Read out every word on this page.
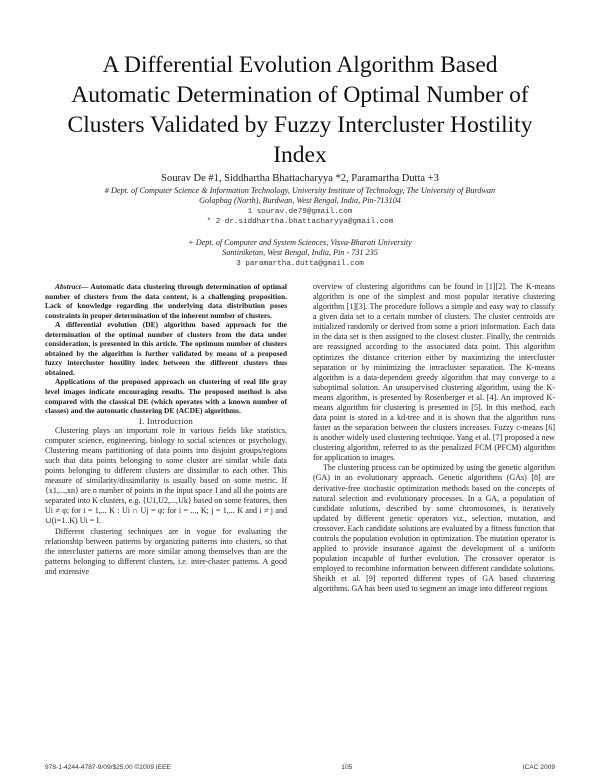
A Differential Evolution Algorithm Based
Automatic Determination of Optimal Number of
Clusters Validated by Fuzzy Intercluster Hostility
Index
Sourav De #1, Siddhartha Bhattacharyya *2, Paramartha Dutta +3
# Dept. of Computer Science & Information Technology, University Institute of Technology, The University of Burdwan
Golapbag (North), Burdwan, West Bengal, India, Pin-713104
1 sourav.de79@gmail.com
* 2 dr.siddhartha.bhattacharyya@gmail.com
+ Dept. of Computer and System Sciences, Visva-Bharati University
Santiniketan, West Bengal, India, Pin - 731 235
3 paramartha.dutta@gmail.com

Abstract— Automatic data clustering through determination of optimal number of clusters from the data content, is a challenging proposition. Lack of knowledge regarding the underlying data distribution poses constraints in proper determination of the inherent number of clusters.

A differential evolution (DE) algorithm based approach for the determination of the optimal number of clusters from the data under consideration, is presented in this article. The optimum number of clusters obtained by the algorithm is further validated by means of a proposed fuzzy intercluster hostility index between the different clusters thus obtained.

Applications of the proposed approach on clustering of real life gray level images indicate encouraging results. The proposed method is also compared with the classical DE (which operates with a known number of classes) and the automatic clustering DE (ACDE) algorithms.

I. Introduction

Clustering plays an important role in various fields like statistics, computer science, engineering, biology to social sciences or psychology. Clustering means partitioning of data points into disjoint groups/regions such that data points belonging to some cluster are similar while data points belonging to different clusters are dissimilar to each other. This measure of similarity/dissimilarity is usually based on some metric. If {x1,...,xn} are n number of points in the input space I and all the points are separated into K clusters, e.g. {U1,U2,...,Uk} based on some features, then Ui ≠ φ; for i = 1,... K : Ui ∩ Uj = φ; for i = ..., K; j = 1,... K and i ≠ j and ∪(i=1..K) Ui = I.

Different clustering techniques are in vogue for evaluating the relationship between patterns by organizing patterns into clusters, so that the intercluster patterns are more similar among themselves than are the patterns belonging to different clusters, i.e. inter-cluster patterns. A good and extensive

overview of clustering algorithms can be found in [1][2]. The K-means algorithm is one of the simplest and most popular iterative clustering algorithm [1][3]. The procedure follows a simple and easy way to classify a given data set to a certain number of clusters. The cluster centroids are initialized randomly or derived from some a priori information. Each data in the data set is then assigned to the closest cluster. Finally, the centroids are reassigned according to the associated data point. This algorithm optimizes the distance criterion either by maximizing the intercluster separation or by minimizing the intracluster separation. The K-means algorithm is a data-dependent greedy algorithm that may converge to a suboptimal solution. An unsupervised clustering algorithm, using the K-means algorithm, is presented by Rosenberger et al. [4]. An improved K-means algorithm for clustering is presented in [5]. In this method, each data point is stored in a kd-tree and it is shown that the algorithm runs faster as the separation between the clusters increases. Fuzzy c-means [6] is another widely used clustering technique. Yang et al. [7] proposed a new clustering algorithm, referred to as the penalized FCM (PFCM) algorithm for application to images.

The clustering process can be optimized by using the genetic algorithm (GA) in an evolutionary approach. Genetic algorithms (GAs) [8] are derivative-free stochastic optimization methods based on the concepts of natural selection and evolutionary processes. In a GA, a population of candidate solutions, described by some chromosomes, is iteratively updated by different genetic operators viz., selection, mutation, and crossover. Each candidate solutions are evaluated by a fitness function that controls the population evolution in optimization. The mutation operator is applied to provide insurance against the development of a uniform population incapable of further evolution. The crossover operator is employed to recombine information between different candidate solutions. Sheikh et al. [9] reported different types of GA based clustering algorithms. GA has been used to segment an image into different regions

978-1-4244-4787-9/09/$25.00 ©2009 IEEE	105	ICAC 2009
